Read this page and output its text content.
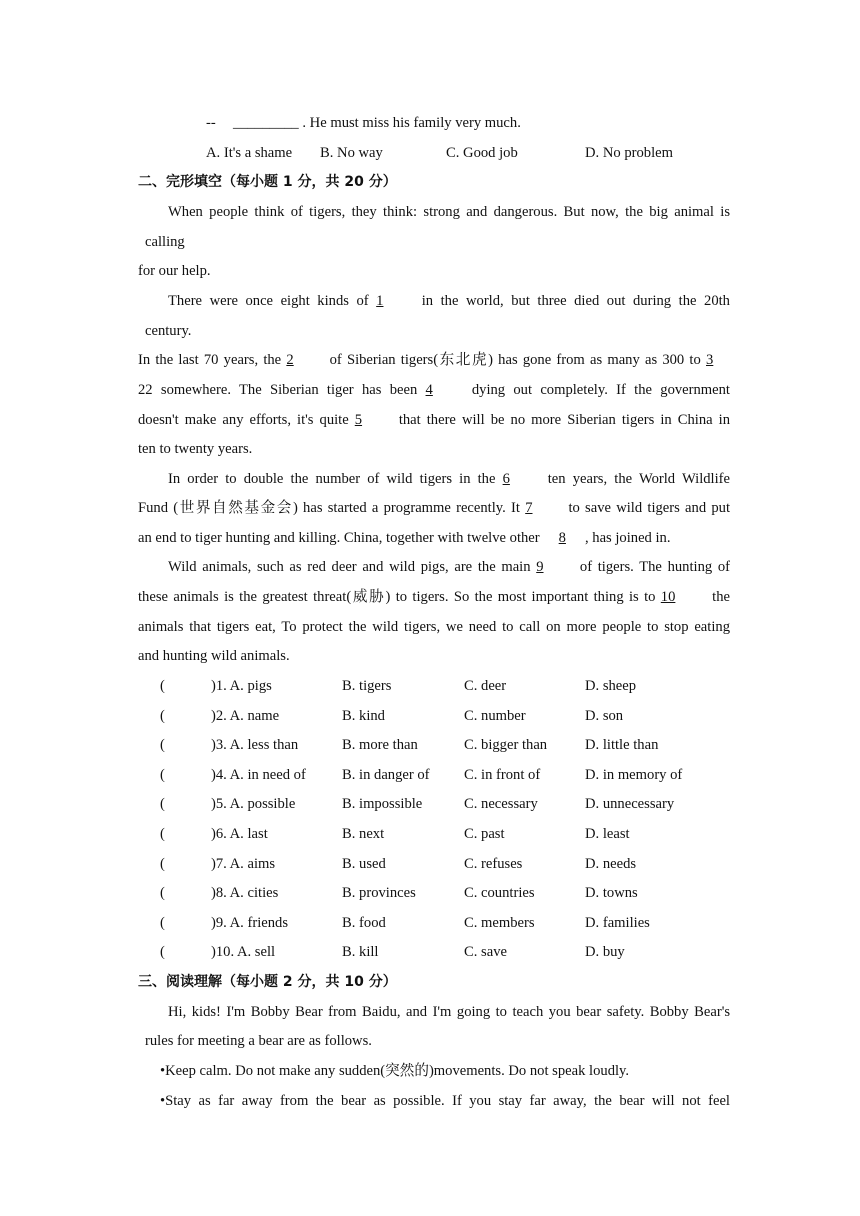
-- _________ . He must miss his family very much.
A. It's a shame B. No way	C. Good job	D. No problem
二、完形填空（每小题 1 分，共 20 分）
When people think of tigers, they think: strong and dangerous. But now, the big animal is
calling
for our help.
There were once eight kinds of 1	in the world, but three died out during the 20th
century.
In the last 70 years, the 2 of Siberian tigers(东北虎) has gone from as many as 300 to 3
22 somewhere. The Siberian tiger has been 4	dying out completely. If the government
doesn't make any efforts, it's quite 5	that there will be no more Siberian tigers in China in
ten to twenty years.
In order to double the number of wild tigers in the 6	ten years, the World Wildlife
Fund (世界自然基金会) has started a programme recently. It 7 to save wild tigers and put
an end to tiger hunting and killing. China, together with twelve other 8 , has joined in.
Wild animals, such as red deer and wild pigs, are the main 9 of tigers. The hunting of
these animals is the greatest threat(威胁) to tigers. So the most important thing is to 10	the
animals that tigers eat, To protect the wild tigers, we need to call on more people to stop eating
and hunting wild animals.
(	)1. A. pigs	B. tigers	C. deer	D. sheep
(	)2. A. name	B. kind	C. number	D. son
(	)3. A. less than	B. more than	C. bigger than	D. little than
(	)4. A. in need of B. in danger of C. in front of	D. in memory of
(	)5. A. possible	B. impossible	C. necessary	D. unnecessary
(	)6. A. last	B. next	C. past	D. least
(	)7. A. aims	B. used	C. refuses	D. needs
(	)8. A. cities	B. provinces	C. countries	D. towns
(	)9. A. friends	B. food	C. members	D. families
(	)10. A. sell	B. kill	C. save	D. buy
三、阅读理解（每小题 2 分，共 10 分）
Hi, kids! I'm Bobby Bear from Baidu, and I'm going to teach you bear safety. Bobby Bear's
rules for meeting a bear are as follows.
•Keep calm. Do not make any sudden(突然的)movements. Do not speak loudly.
•Stay as far away from the bear as possible. If you stay far away, the bear will not feel
